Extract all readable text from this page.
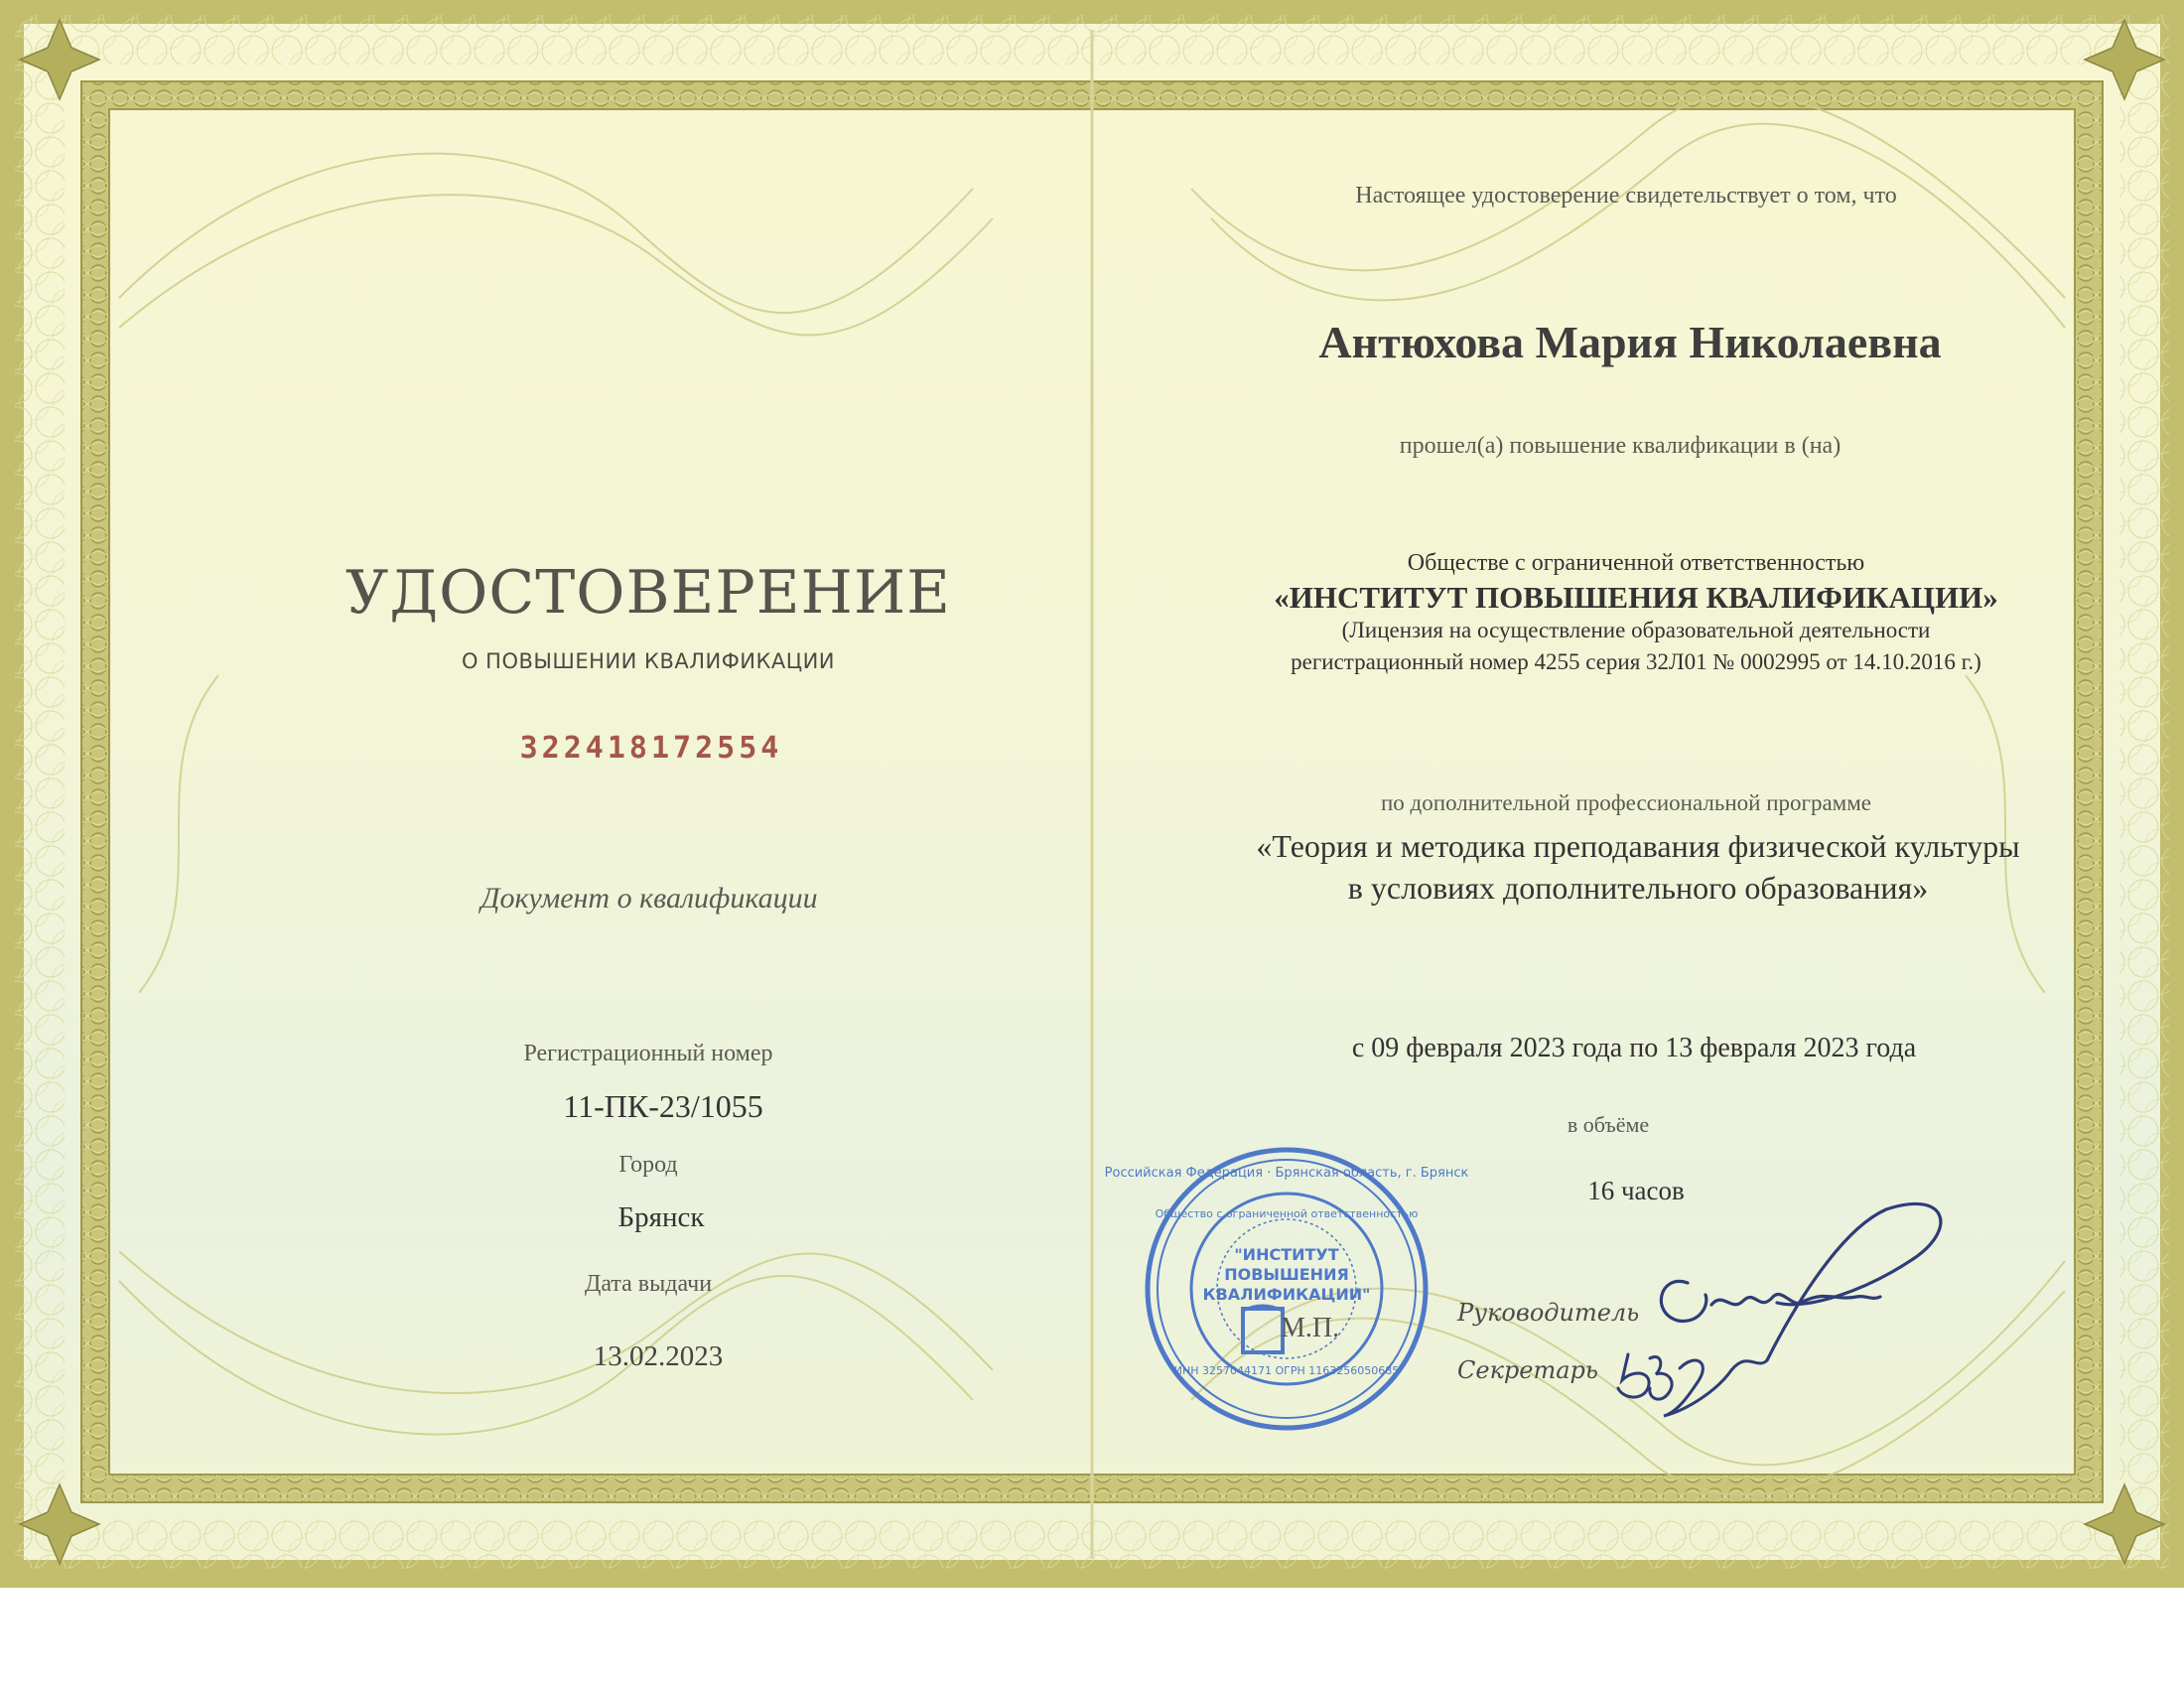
УДОСТОВЕРЕНИЕ
О ПОВЫШЕНИИ КВАЛИФИКАЦИИ
322418172554
Документ о квалификации
Регистрационный номер
11-ПК-23/1055
Город
Брянск
Дата выдачи
13.02.2023
Настоящее удостоверение свидетельствует о том, что
Антюхова Мария Николаевна
прошел(а) повышение квалификации в (на)
Обществе с ограниченной ответственностью
«ИНСТИТУТ ПОВЫШЕНИЯ КВАЛИФИКАЦИИ»
(Лицензия на осуществление образовательной деятельности
регистрационный номер 4255 серия 32Л01 № 0002995 от 14.10.2016 г.)
по дополнительной профессиональной программе
«Теория и методика преподавания физической культуры
в условиях дополнительного образования»
с 09 февраля 2023 года по 13 февраля 2023 года
в объёме
16 часов
"ИНСТИТУТ
ПОВЫШЕНИЯ
КВАЛИФИКАЦИИ"
Российская Федерация · Брянская область, г. Брянск
Общество с ограниченной ответственностью
ИНН 3257044171 ОГРН 1163256050685
М.П.	Руководитель
Секретарь
